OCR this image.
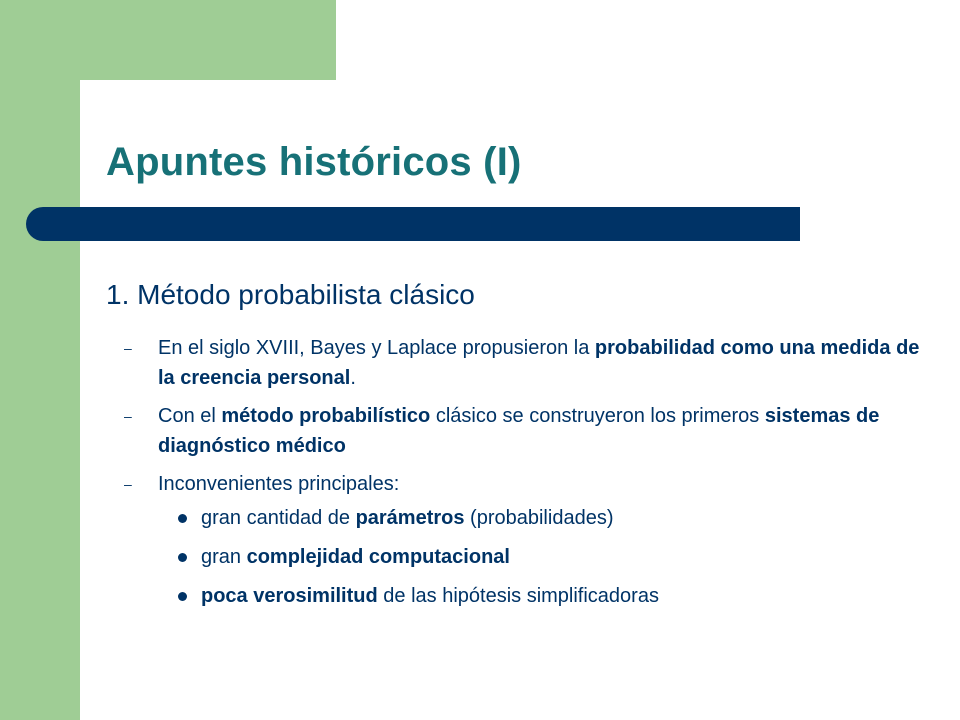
Apuntes históricos (I)
1. Método probabilista clásico
– En el siglo XVIII, Bayes y Laplace propusieron la probabilidad como una medida de la creencia personal.
– Con el método probabilístico clásico se construyeron los primeros sistemas de diagnóstico médico
– Inconvenientes principales:
gran cantidad de parámetros (probabilidades)
gran complejidad computacional
poca verosimilitud de las hipótesis simplificadoras
